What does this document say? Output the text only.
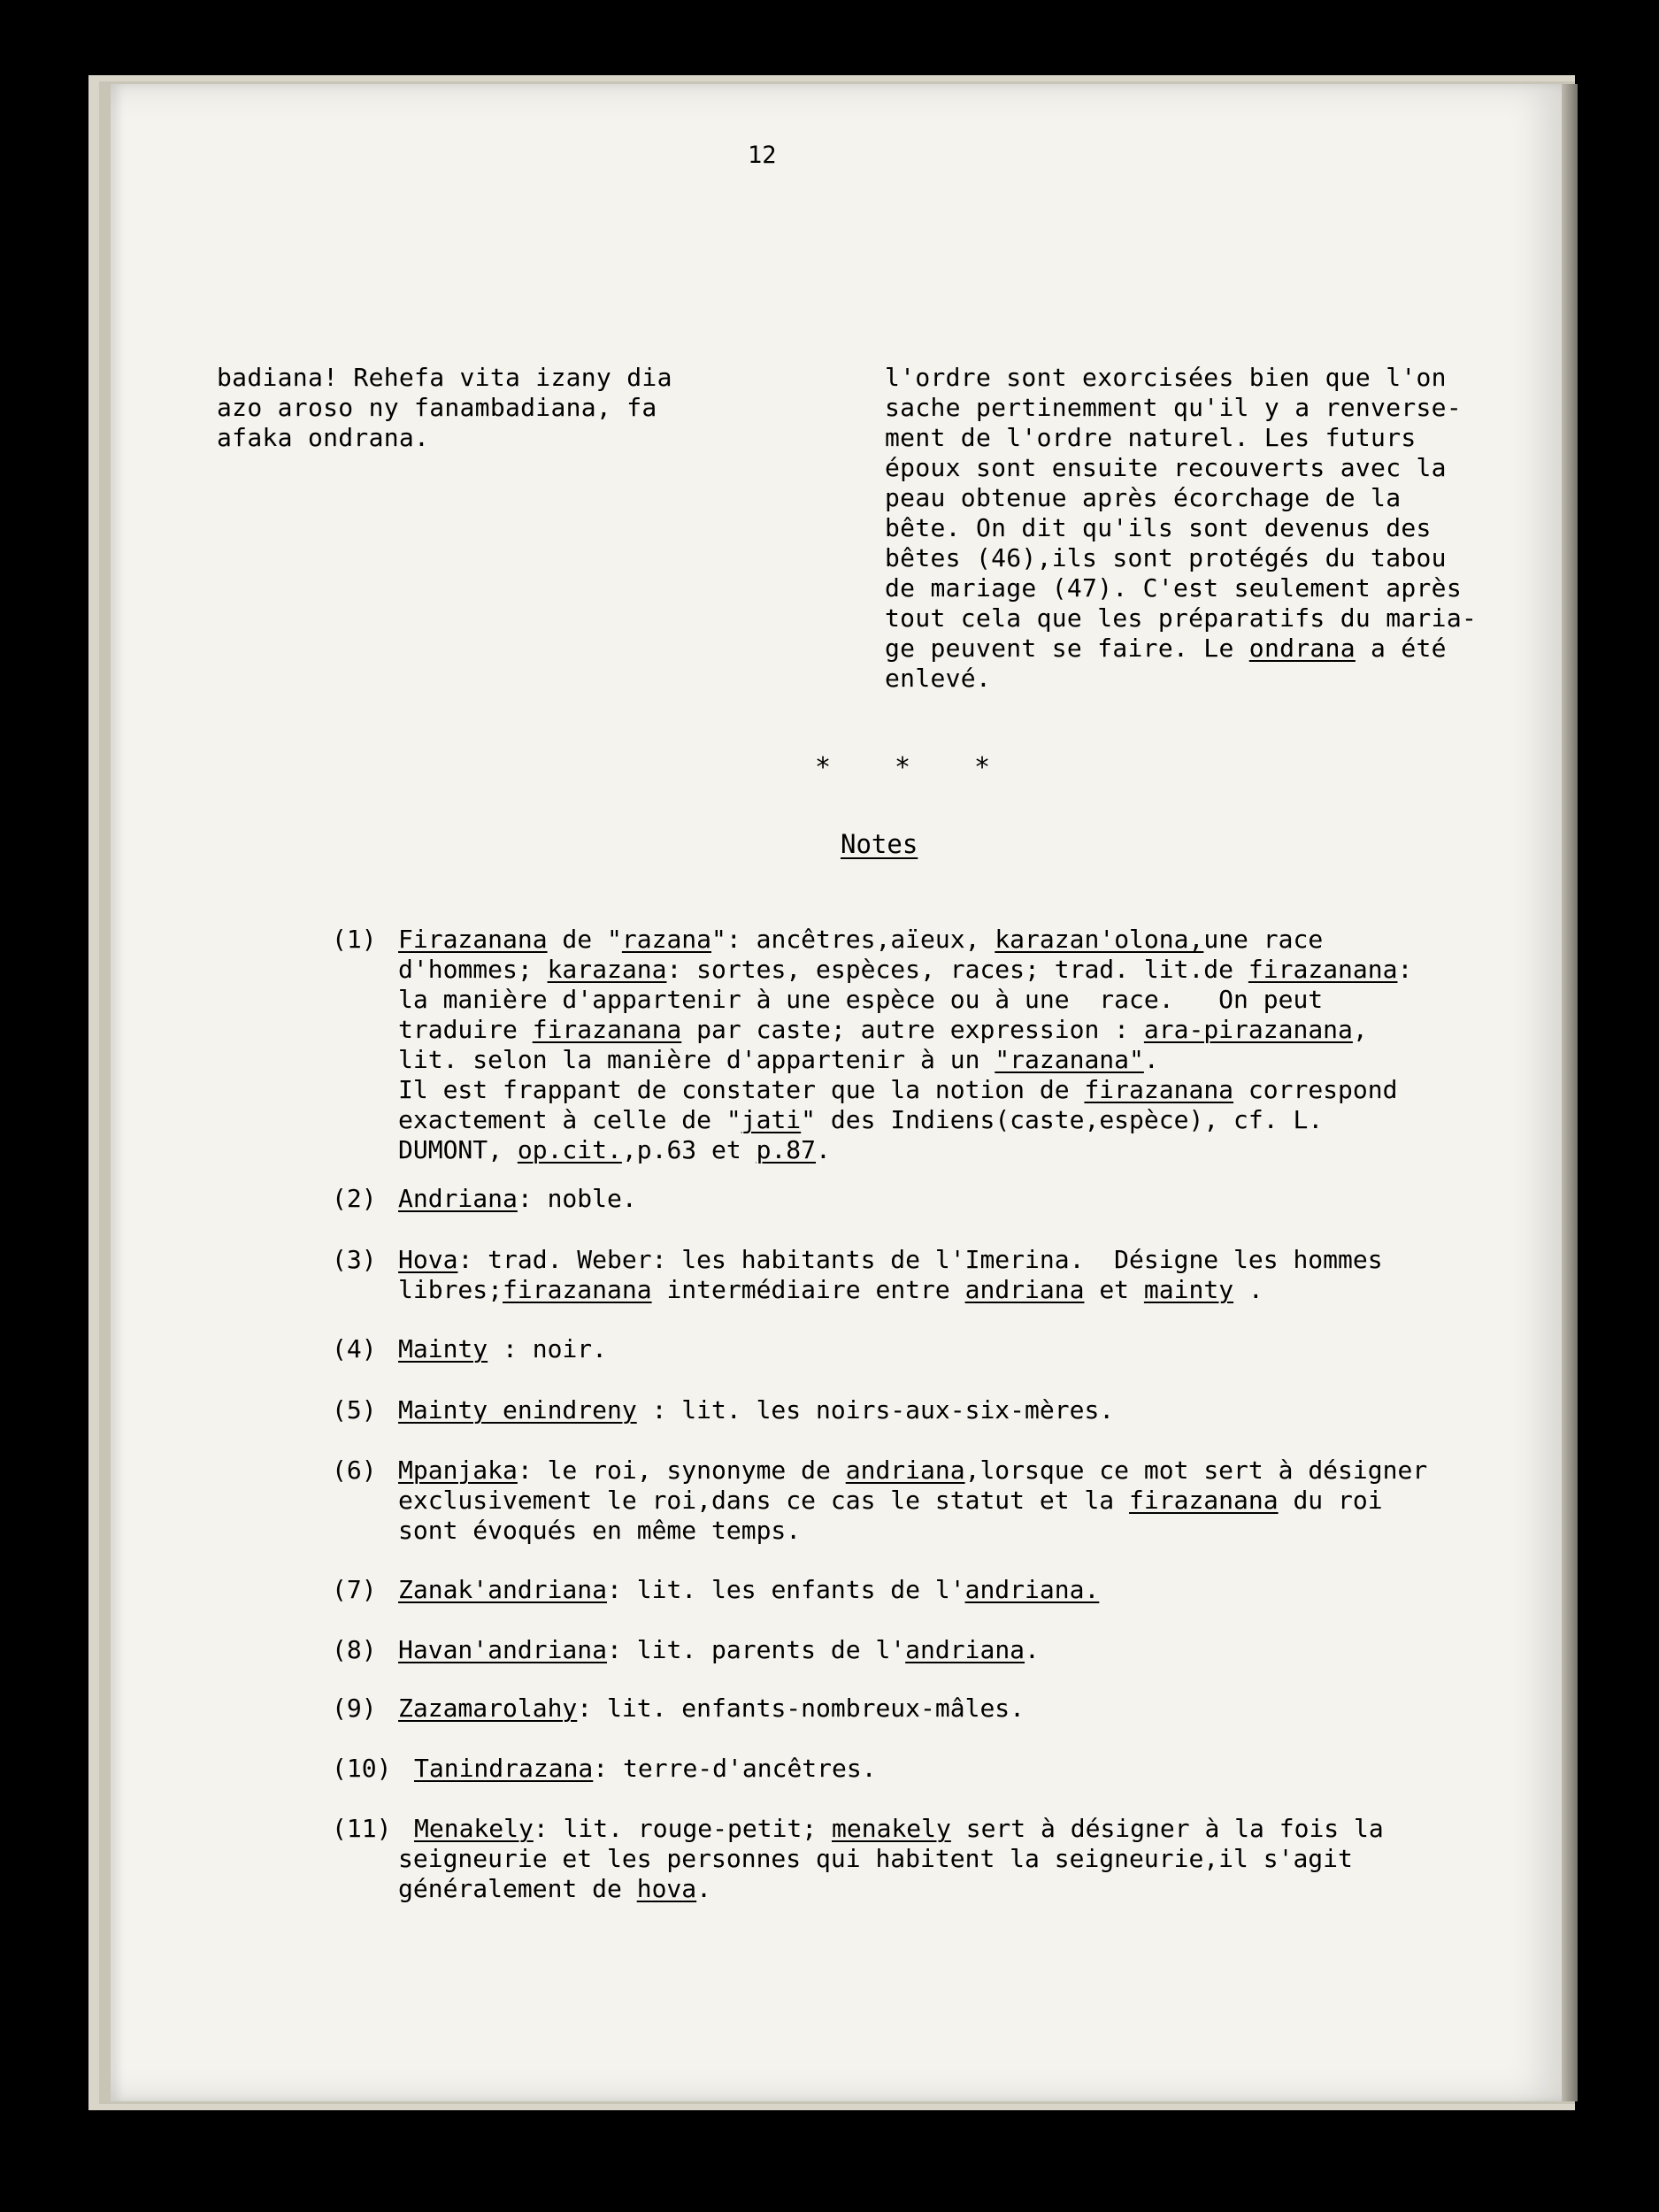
12
badiana! Rehefa vita izany dia
azo aroso ny fanambadiana, fa
afaka ondrana.
l'ordre sont exorcisées bien que l'on
sache pertinemment qu'il y a renverse-
ment de l'ordre naturel. Les futurs
époux sont ensuite recouverts avec la
peau obtenue après écorchage de la
bête. On dit qu'ils sont devenus des
bêtes (46),ils sont protégés du tabou
de mariage (47). C'est seulement après
tout cela que les préparatifs du maria-
ge peuvent se faire. Le ondrana a été
enlevé.
* * *
Notes
(1) Firazanana de "razana": ancêtres,aïeux, karazan'olona,une race
d'hommes; karazana: sortes, espèces, races; trad. lit.de firazanana:
la manière d'appartenir à une espèce ou à une  race.   On peut
traduire firazanana par caste; autre expression : ara-pirazanana,
lit. selon la manière d'appartenir à un "razanana".
Il est frappant de constater que la notion de firazanana correspond
exactement à celle de "jati" des Indiens(caste,espèce), cf. L.
DUMONT, op.cit.,p.63 et p.87.
(2) Andriana: noble.
(3) Hova: trad. Weber: les habitants de l'Imerina.  Désigne les hommes
libres;firazanana intermédiaire entre andriana et mainty .
(4) Mainty : noir.
(5) Mainty enindreny : lit. les noirs-aux-six-mères.
(6) Mpanjaka: le roi, synonyme de andriana,lorsque ce mot sert à désigner
exclusivement le roi,dans ce cas le statut et la firazanana du roi
sont évoqués en même temps.
(7) Zanak'andriana: lit. les enfants de l'andriana.
(8) Havan'andriana: lit. parents de l'andriana.
(9) Zazamarolahy: lit. enfants-nombreux-mâles.
(10) Tanindrazana: terre-d'ancêtres.
(11) Menakely: lit. rouge-petit; menakely sert à désigner à la fois la
seigneurie et les personnes qui habitent la seigneurie,il s'agit
généralement de hova.
